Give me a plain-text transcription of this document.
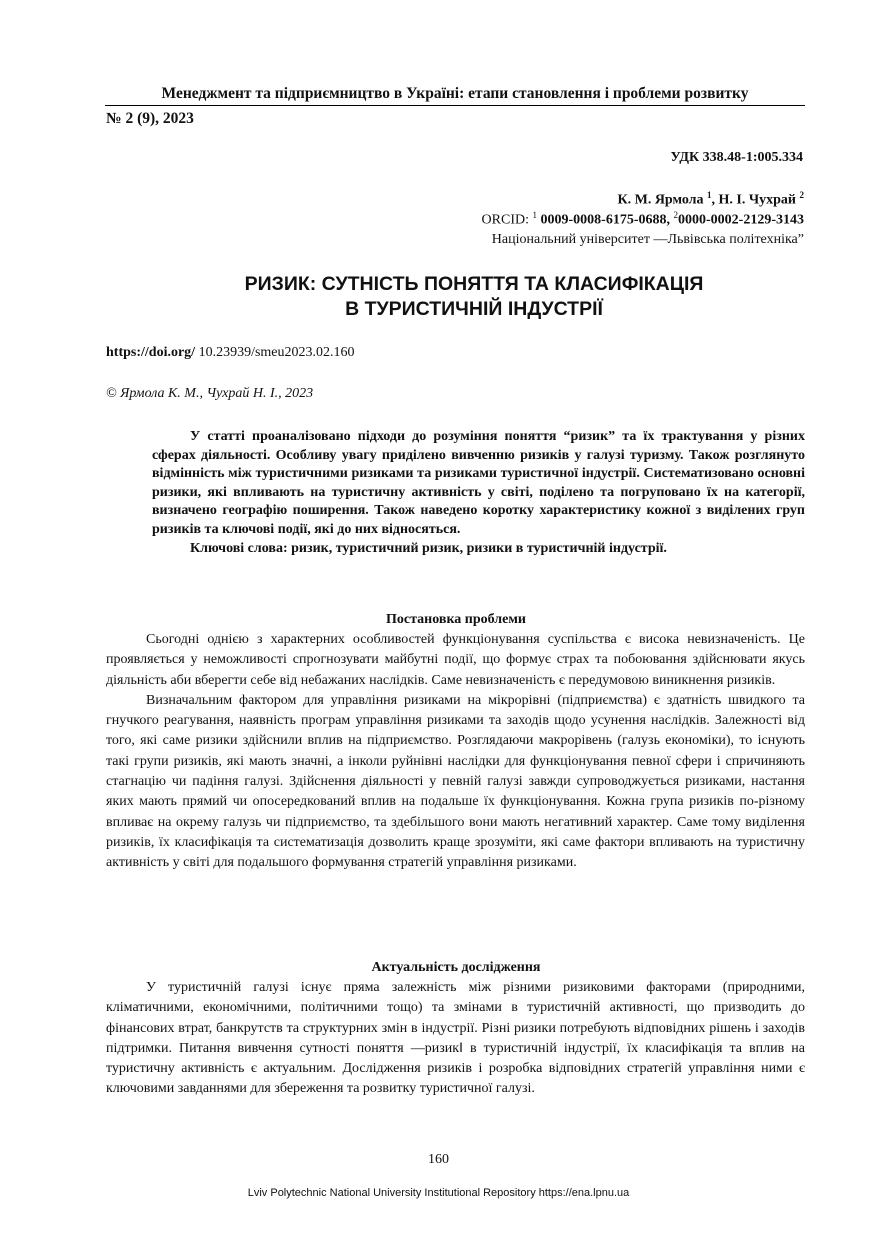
Менеджмент та підприємництво в Україні: етапи становлення і проблеми розвитку
№ 2 (9), 2023
УДК 338.48-1:005.334
К. М. Ярмола $^1$, Н. І. Чухрай $^2$
ORCID: $^1$ 0009-0008-6175-0688, $^2$0000-0002-2129-3143
Національний університет ―Львівська політехніка”
РИЗИК: СУТНІСТЬ ПОНЯТТЯ ТА КЛАСИФІКАЦІЯ
В ТУРИСТИЧНІЙ ІНДУСТРІЇ
https://doi.org/ 10.23939/smeu2023.02.160
© Ярмола К. М., Чухрай Н. І., 2023

У статті проаналізовано підходи до розуміння поняття “ризик” та їх трактування у різних сферах діяльності. Особливу увагу приділено вивченню ризиків у галузі туризму. Також розглянуто відмінність між туристичними ризиками та ризиками туристичної індустрії. Систематизовано основні ризики, які впливають на туристичну активність у світі, поділено та погруповано їх на категорії, визначено географію поширення. Також наведено коротку характеристику кожної з виділених груп ризиків та ключові події, які до них відносяться.

Ключові слова: ризик, туристичний ризик, ризики в туристичній індустрії.

Постановка проблеми

Сьогодні однією з характерних особливостей функціонування суспільства є висока невизначеність. Це проявляється у неможливості спрогнозувати майбутні події, що формує страх та побоювання здійснювати якусь діяльність аби вберегти себе від небажаних наслідків. Саме невизначеність є передумовою виникнення ризиків.

Визначальним фактором для управління ризиками на мікрорівні (підприємства) є здатність швидкого та гнучкого реагування, наявність програм управління ризиками та заходів щодо усунення наслідків. Залежності від того, які саме ризики здійснили вплив на підприємство. Розглядаючи макрорівень (галузь економіки), то існують такі групи ризиків, які мають значні, а інколи руйнівні наслідки для функціонування певної сфери і спричиняють стагнацію чи падіння галузі. Здійснення діяльності у певній галузі завжди супроводжується ризиками, настання яких мають прямий чи опосередкований вплив на подальше їх функціонування. Кожна група ризиків по-різному впливає на окрему галузь чи підприємство, та здебільшого вони мають негативний характер. Саме тому виділення ризиків, їх класифікація та систематизація дозволить краще зрозуміти, які саме фактори впливають на туристичну активність у світі для подальшого формування стратегій управління ризиками.

Актуальність дослідження

У туристичній галузі існує пряма залежність між різними ризиковими факторами (природними, кліматичними, економічними, політичними тощо) та змінами в туристичній активності, що призводить до фінансових втрат, банкрутств та структурних змін в індустрії. Різні ризики потребують відповідних рішень і заходів підтримки. Питання вивчення сутності поняття ―ризик‖ в туристичній індустрії, їх класифікація та вплив на туристичну активність є актуальним. Дослідження ризиків і розробка відповідних стратегій управління ними є ключовими завданнями для збереження та розвитку туристичної галузі.

160
Lviv Polytechnic National University Institutional Repository https://ena.lpnu.ua
